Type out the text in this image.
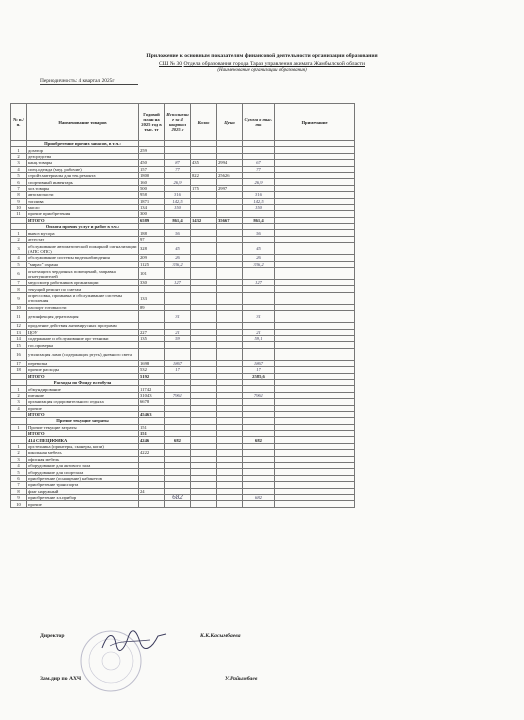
Приложение к основным показателям финансовой деятельности организации образования
СШ № 30 Отдела образования города Тараз управления акимата Жамбылской области
(Наименование организации образования)
Периодичность: 4 квартал 2025г
№ п./п.	Наименование товаров	Годовой план на 2025 год в тыс. тг	Исполнени е за 4 квартал 2025 г	Колво	Цена	Сумма в тыс. тк	Примечание
	Приобретение прочих запасов, в т.ч.:						
1	дозатор	259					
2	дезсредства						
3	канц.товары	450	87	435	2994	67	
4	спец.одежда (мед. рабочие)	157	77			77	
5	стройт.материалы для тек.ремонта	1800		822	25626		
6	спортивный инвентарь	160	26,9			26,9	
7	хоз.товары	500		175	2997		
8	автозапчасти	958	316			316	
9	топлива	1871	142,5			142,5	
10	масло	134	150			150	
11	прочие приобретения	300					
	ИТОГО	6589	861,4	1432	35667	861,4	
	Оплата прочих услуг и работ в т.ч.:						
1	вывоз мусора	188	56			56	
2	аттестат	97					
3	обслуживание автоматической пожарной сигнализации (АПС ОПС)	328	45			45	
4	обслуживание системы видеонаблюдения	209	26			26	
5	"мирас" охрана	1125	336,2			336,2	
6	огнезащита чердачных помещений, заправка огнетушителей	101					
7	медосмотр работников организации	330	127			127	
8	текущий ремонт по сметам						
9	опрессовка, промывка и обслуживание системы отопления	133					
10	паспорт готовности	89					
11	дезинфекция дератизация		31			31	
12	продление действия антивирусных программ						
13	ЦОУ	227	21			21	
14	содержание и обслуживание орг техники	135	59			59,1	
15	гос.проверка						
16	утилизация ламп (содержащих ртуть) дневного света						
17	перевозка	1698	1867			1867	
18	прочие расходы	532	17			17	
	ИТОГО	5192				2585,6	
	Расходы по Фонду всеобуча						
1	обмундирование	11742					
2	питание	31043	7961			7961	
3	организация оздоровительного отдыха	6678					
4	прочие						
	ИТОГО	45463					
	Прочие текущие затраты						
1	Прочие текущие затраты	151					
	ИТОГО	151					
	414 СПЕЦИФИКА	4246	682			682	
1	орг.техника (принтеры, сканеры, копи)						
2	школьная мебель	4222					
3	офисная мебель						
4	оборудование для актового зала						
5	оборудование для спортзала						
6	приобретение (оснащение) кабинетов						
7	приобретение транспорта						
8	флаг наружный	24					
9	приобретение хл.прибор		682			682	
10	прочие						
Директор	К.К.Касымбаева
Зам.дир по АХЧ	У.Райымбаев
